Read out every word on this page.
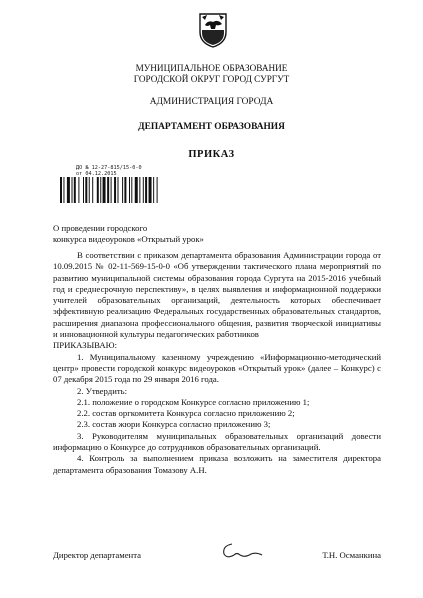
МУНИЦИПАЛЬНОЕ ОБРАЗОВАНИЕ
ГОРОДСКОЙ ОКРУГ ГОРОД СУРГУТ
АДМИНИСТРАЦИЯ ГОРОДА
ДЕПАРТАМЕНТ ОБРАЗОВАНИЯ
ПРИКАЗ
ДО № 12-27-815/15-0-0
от 04.12.2015
О проведении городского
конкурса видеоуроков «Открытый урок»

В соответствии с приказом департамента образования Администрации города от 10.09.2015 № 02-11-569-15-0-0 «Об утверждении тактического плана мероприятий по развитию муниципальной системы образования города Сургута на 2015-2016 учебный год и среднесрочную перспективу», в целях выявления и информационной поддержки учителей образовательных организаций, деятельность которых обеспечивает эффективную реализацию Федеральных государственных образовательных стандартов, расширения диапазона профессионального общения, развития творческой инициативы и инновационной культуры педагогических работников

ПРИКАЗЫВАЮ:

1. Муниципальному казенному учреждению «Информационно-методический центр» провести городской конкурс видеоуроков «Открытый урок» (далее – Конкурс) с 07 декабря 2015 года по 29 января 2016 года.

2. Утвердить:

2.1. положение о городском Конкурсе согласно приложению 1;

2.2. состав оргкомитета Конкурса согласно приложению 2;

2.3. состав жюри Конкурса согласно приложению 3;

3. Руководителям муниципальных образовательных организаций довести информацию о Конкурсе до сотрудников образовательных организаций.

4. Контроль за выполнением приказа возложить на заместителя директора департамента образования Томазову А.Н.

Директор департамента	Т.Н. Османкина
